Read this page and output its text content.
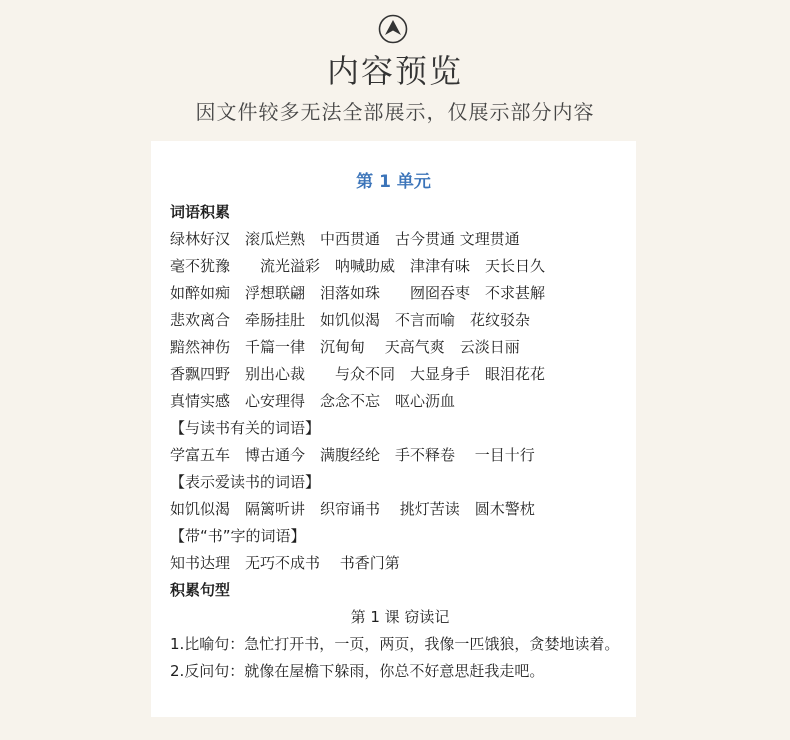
内容预览
因文件较多无法全部展示，仅展示部分内容
第 1 单元
词语积累
绿林好汉　滚瓜烂熟　中西贯通　古今贯通 文理贯通
毫不犹豫　　流光溢彩　呐喊助威　津津有味　天长日久
如醉如痴　浮想联翩　泪落如珠　　囫囵吞枣　不求甚解
悲欢离合　牵肠挂肚　如饥似渴　不言而喻　花纹驳杂
黯然神伤　千篇一律　沉甸甸　 天高气爽　云淡日丽
香飘四野　别出心裁　　与众不同　大显身手　眼泪花花
真情实感　心安理得　念念不忘　呕心沥血
【与读书有关的词语】
学富五车　博古通今　满腹经纶　手不释卷　 一目十行
【表示爱读书的词语】
如饥似渴　隔篱听讲　织帘诵书　 挑灯苦读　圆木警枕
【带“书”字的词语】
知书达理　无巧不成书　 书香门第
积累句型
第 1 课 窃读记
1.比喻句：急忙打开书，一页，两页，我像一匹饿狼，贪婪地读着。
2.反问句：就像在屋檐下躲雨，你总不好意思赶我走吧。
